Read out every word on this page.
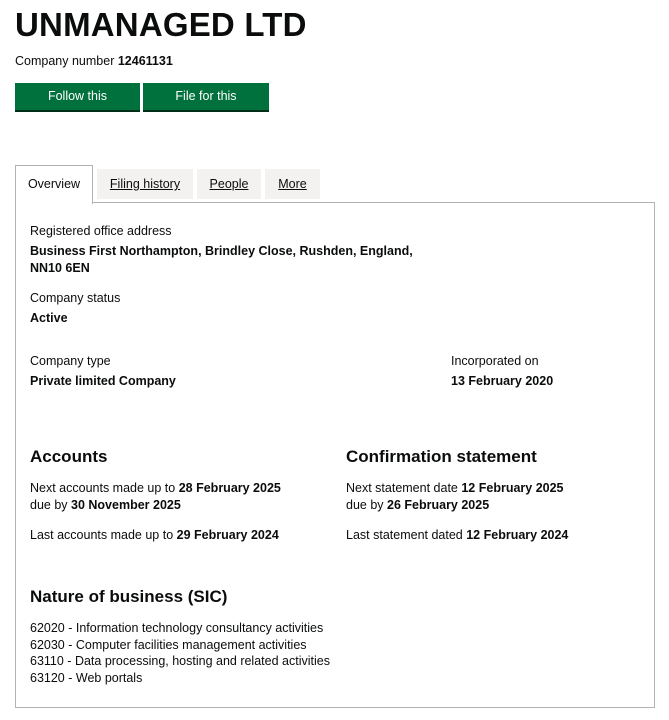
UNMANAGED LTD

Company number 12461131

Follow this company
File for this company
Overview	Filing history	People	More
Registered office address
Business First Northampton, Brindley Close, Rushden, England,
NN10 6EN
Company status
Active
Company type
Private limited Company
Incorporated on
13 February 2020
Accounts
Next accounts made up to 28 February 2025
due by 30 November 2025
Last accounts made up to 29 February 2024
Confirmation statement
Next statement date 12 February 2025
due by 26 February 2025
Last statement dated 12 February 2024
Nature of business (SIC)
62020 - Information technology consultancy activities
62030 - Computer facilities management activities
63110 - Data processing, hosting and related activities
63120 - Web portals
